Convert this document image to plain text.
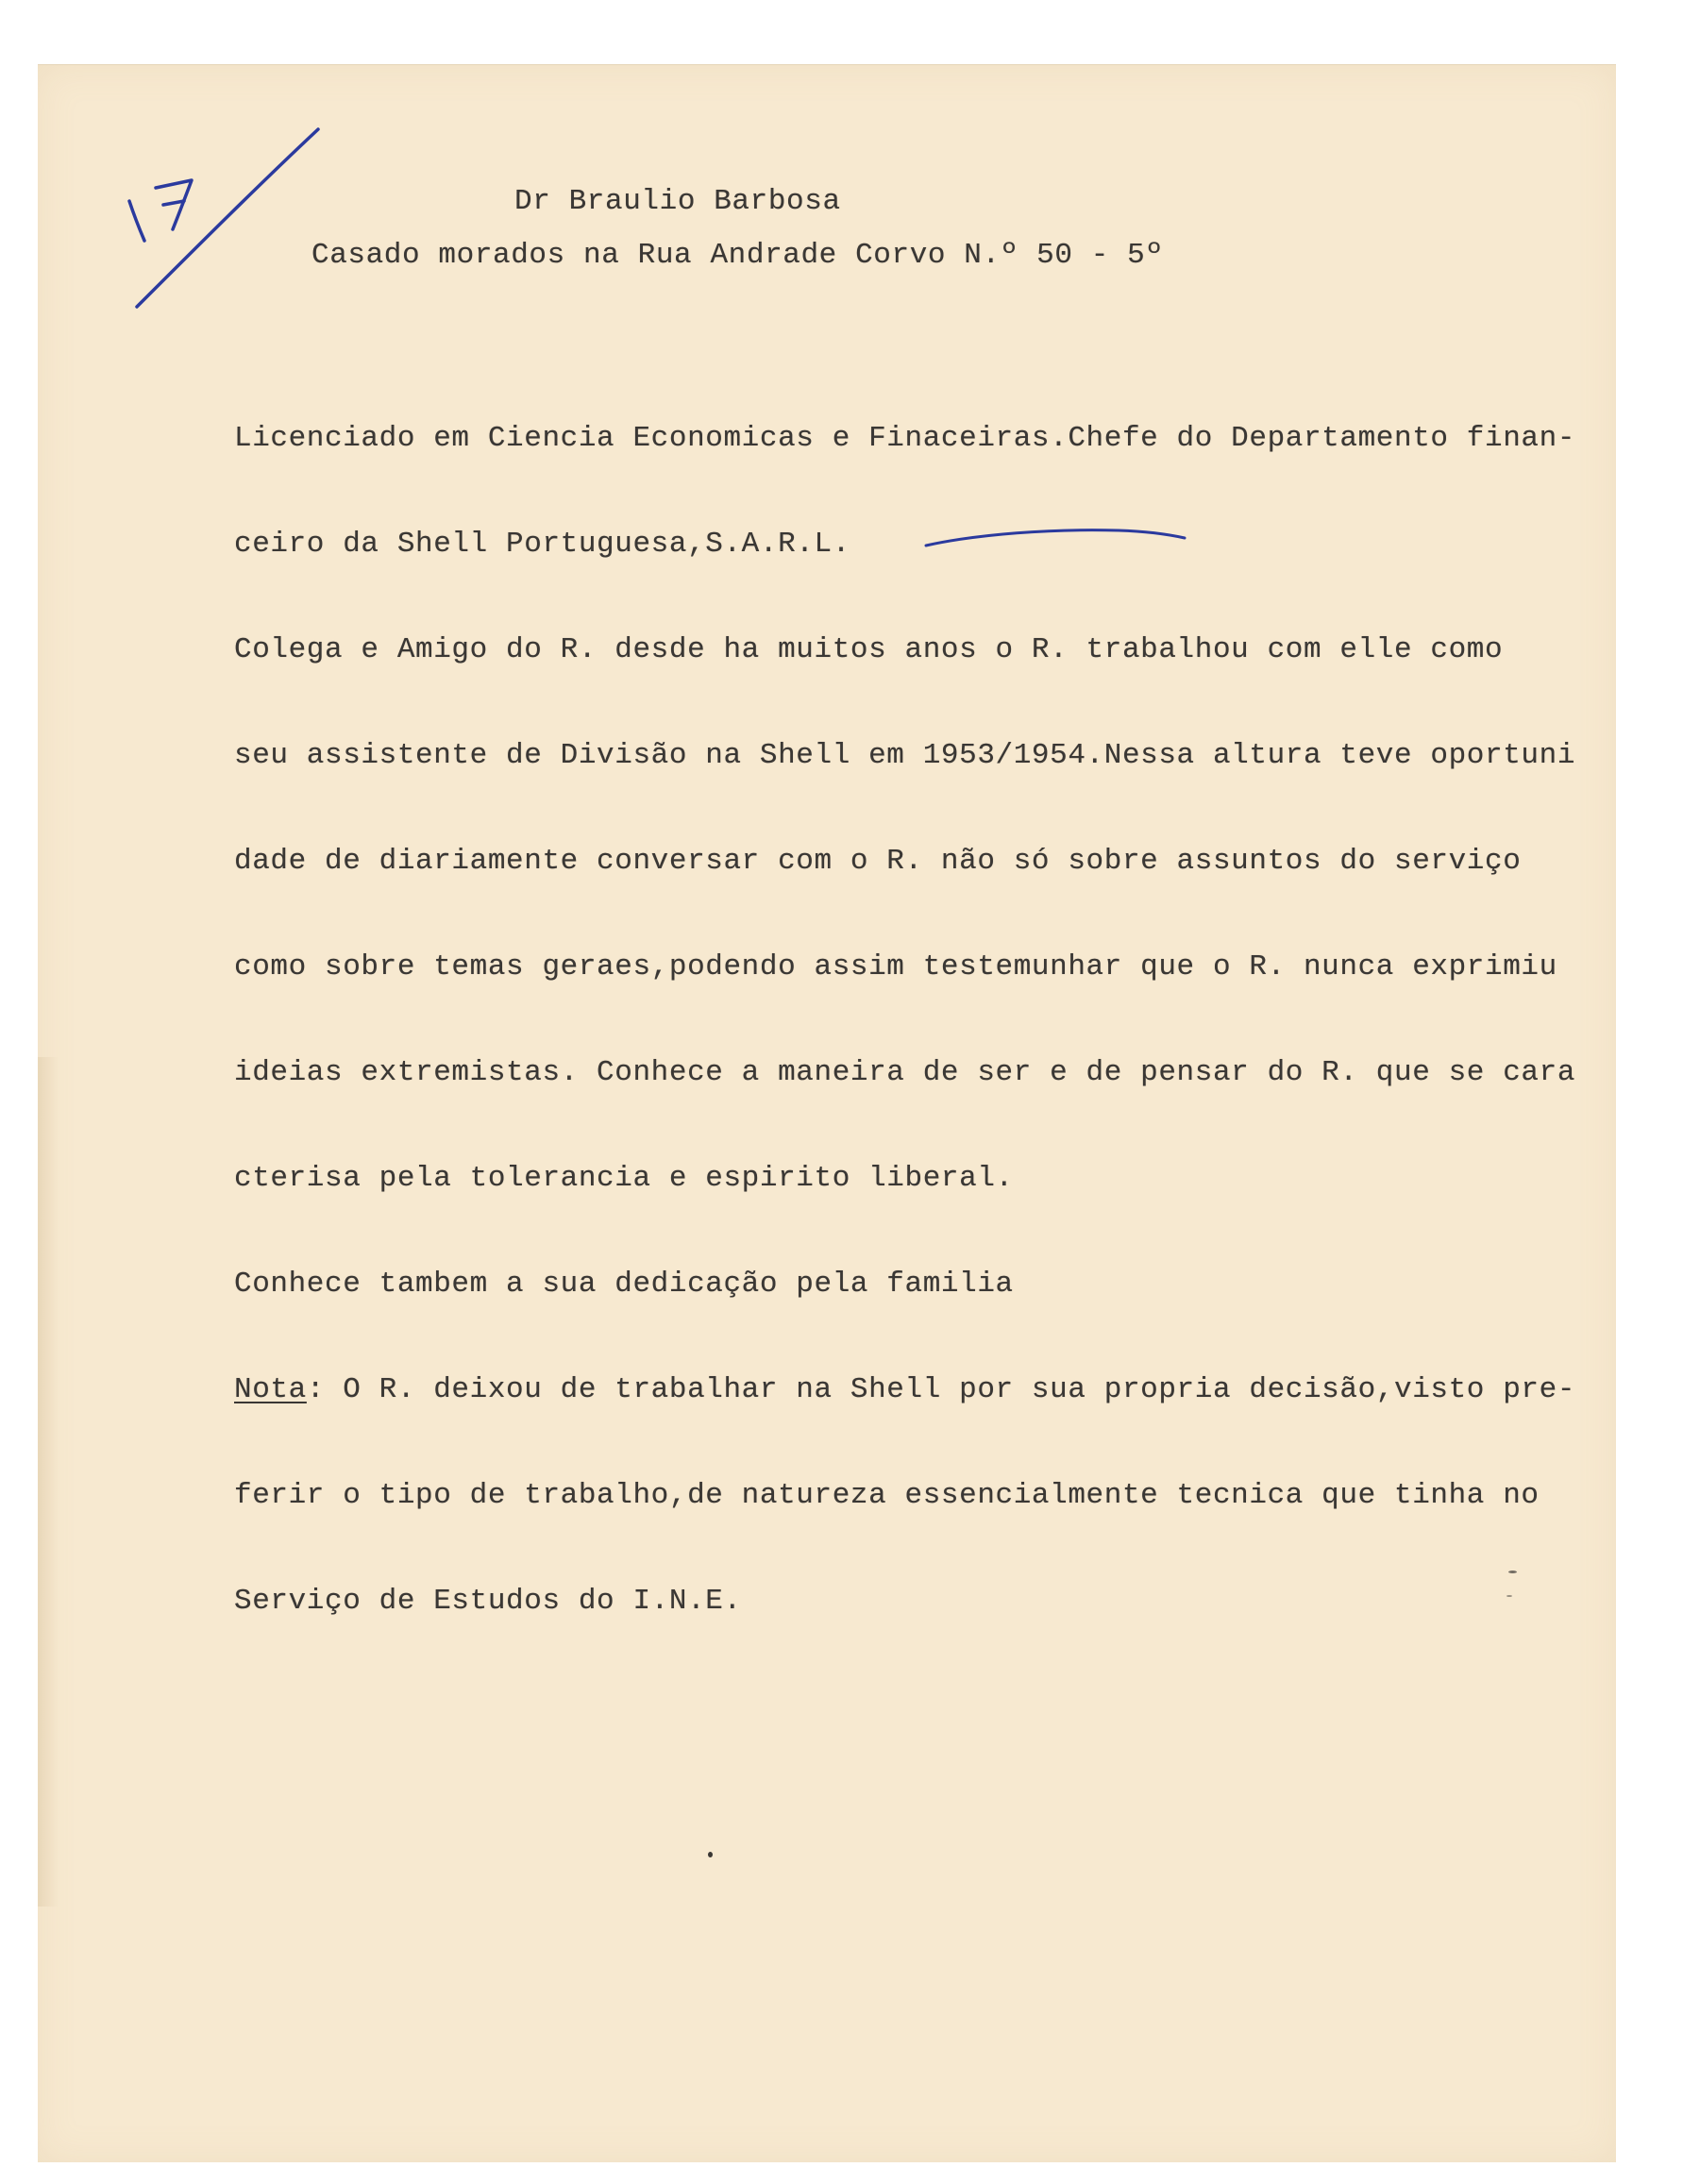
Dr Braulio Barbosa
Casado morados na Rua Andrade Corvo N.º 50 - 5º

Licenciado em Ciencia Economicas e Finaceiras.Chefe do Departamento finan-

ceiro da Shell Portuguesa,S.A.R.L.

Colega e Amigo do R. desde ha muitos anos o R. trabalhou com elle como

seu assistente de Divisão na Shell em 1953/1954.Nessa altura teve oportuni

dade de diariamente conversar com o R. não só sobre assuntos do serviço

como sobre temas geraes,podendo assim testemunhar que o R. nunca exprimiu

ideias extremistas. Conhece a maneira de ser e de pensar do R. que se cara

cterisa pela tolerancia e espirito liberal.

Conhece tambem a sua dedicação pela familia

Nota: O R. deixou de trabalhar na Shell por sua propria decisão,visto pre-

ferir o tipo de trabalho,de natureza essencialmente tecnica que tinha no

Serviço de Estudos do I.N.E.
